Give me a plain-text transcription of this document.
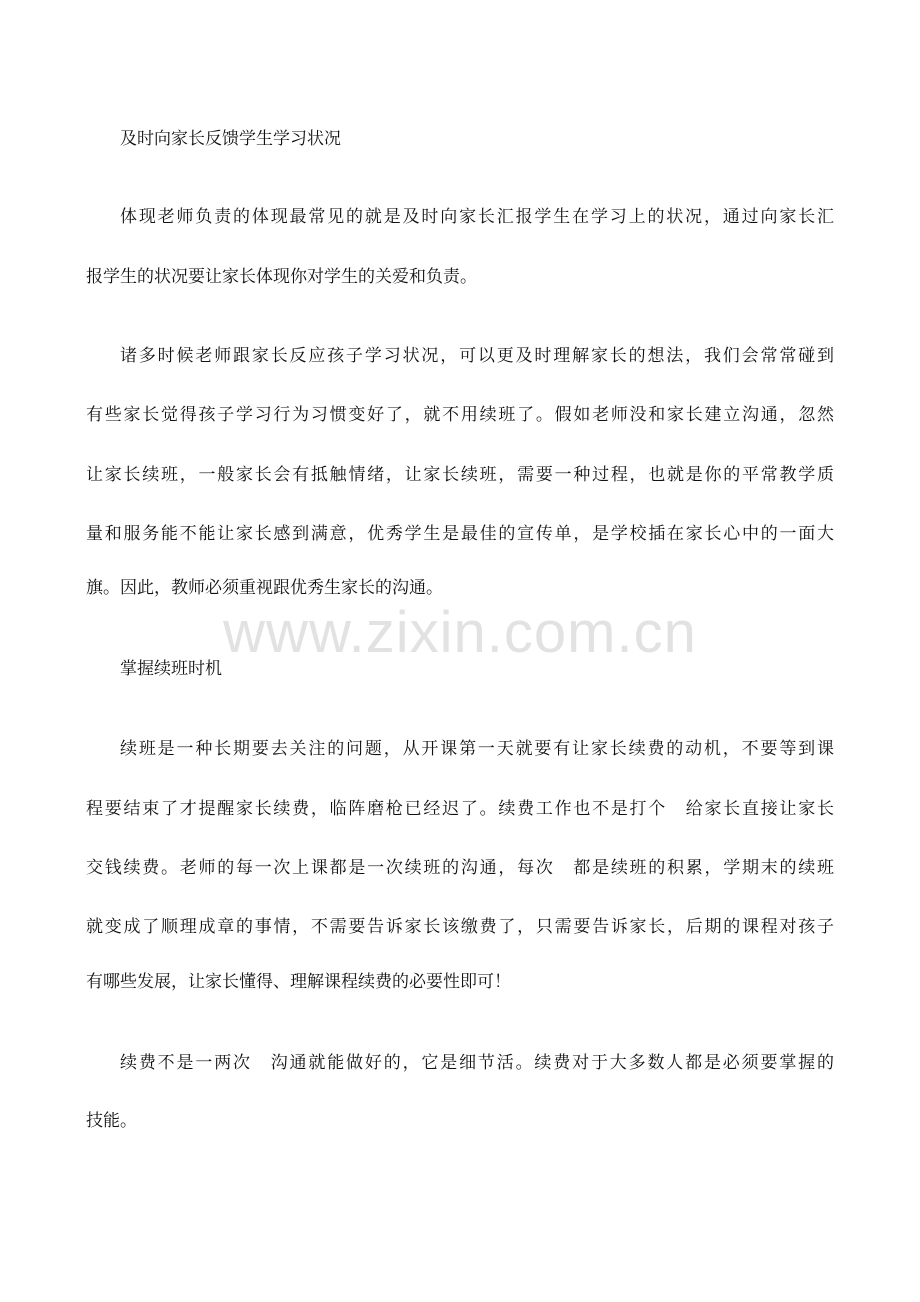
www.zixin.com.cn
及时向家长反馈学生学习状况
体现老师负责的体现最常见的就是及时向家长汇报学生在学习上的状况，通过向家长汇
报学生的状况要让家长体现你对学生的关爱和负责。
诸多时候老师跟家长反应孩子学习状况，可以更及时理解家长的想法，我们会常常碰到
有些家长觉得孩子学习行为习惯变好了，就不用续班了。假如老师没和家长建立沟通，忽然
让家长续班，一般家长会有抵触情绪，让家长续班，需要一种过程，也就是你的平常教学质
量和服务能不能让家长感到满意，优秀学生是最佳的宣传单，是学校插在家长心中的一面大
旗。因此，教师必须重视跟优秀生家长的沟通。
掌握续班时机
续班是一种长期要去关注的问题，从开课第一天就要有让家长续费的动机，不要等到课
程要结束了才提醒家长续费，临阵磨枪已经迟了。续费工作也不是打个　给家长直接让家长
交钱续费。老师的每一次上课都是一次续班的沟通，每次　都是续班的积累，学期末的续班
就变成了顺理成章的事情，不需要告诉家长该缴费了，只需要告诉家长，后期的课程对孩子
有哪些发展，让家长懂得、理解课程续费的必要性即可！
续费不是一两次　沟通就能做好的，它是细节活。续费对于大多数人都是必须要掌握的
技能。
